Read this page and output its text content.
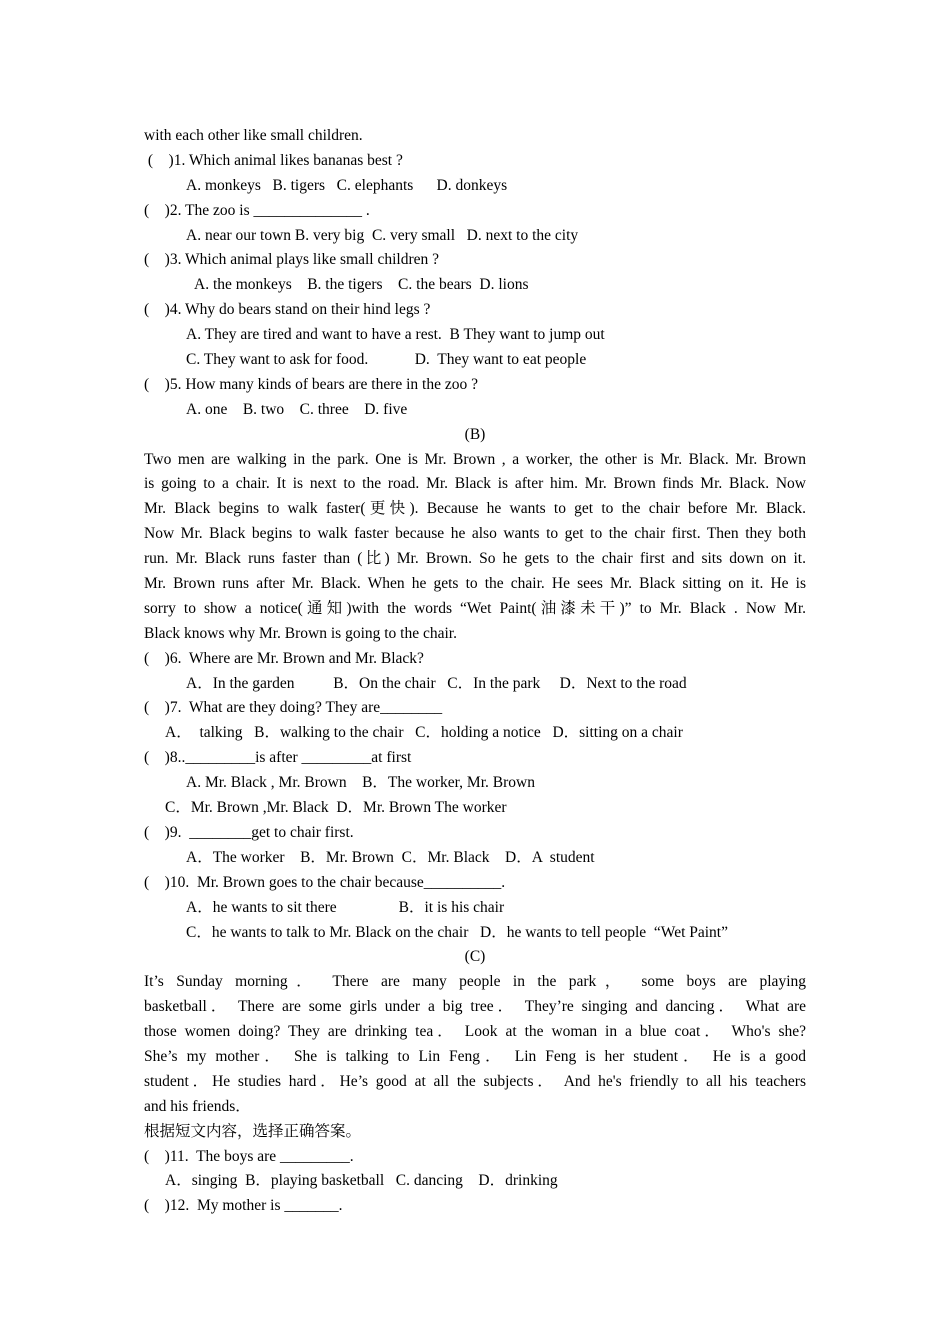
with each other like small children.
(    )1. Which animal likes bananas best ?
A. monkeys   B. tigers   C. elephants      D. donkeys
(    )2. The zoo is ______________ .
A. near our town B. very big  C. very small   D. next to the city
(    )3. Which animal plays like small children ?
A. the monkeys    B. the tigers    C. the bears  D. lions
(    )4. Why do bears stand on their hind legs ?
A. They are tired and want to have a rest.  B They want to jump out
C. They want to ask for food.            D.  They want to eat people
(    )5. How many kinds of bears are there in the zoo ?
A. one    B. two    C. three    D. five
(B)
Two men are walking in the park. One is Mr. Brown , a worker, the other is Mr. Black. Mr. Brown
is going to a chair. It is next to the road. Mr. Black is after him. Mr. Brown finds Mr. Black. Now
Mr. Black begins to walk faster(更快). Because he wants to get to the chair before Mr. Black.
Now Mr. Black begins to walk faster because he also wants to get to the chair first. Then they both
run. Mr. Black runs faster than (比) Mr. Brown. So he gets to the chair first and sits down on it.
Mr. Brown runs after Mr. Black. When he gets to the chair. He sees Mr. Black sitting on it. He is
sorry to show a notice(通知)with the words “Wet Paint(油漆未干)” to Mr. Black . Now Mr.
Black knows why Mr. Brown is going to the chair.
(    )6.  Where are Mr. Brown and Mr. Black?
A．In the garden          B．On the chair   C．In the park     D．Next to the road
(    )7.  What are they doing? They are________
A．  talking   B．walking to the chair   C．holding a notice   D．sitting on a chair
(    )8.._________is after _________at first
A. Mr. Black , Mr. Brown    B．The worker, Mr. Brown
C．Mr. Brown ,Mr. Black  D．Mr. Brown The worker
(    )9.  ________get to chair first.
A．The worker    B．Mr. Brown  C．Mr. Black    D．A  student
(    )10.  Mr. Brown goes to the chair because__________.
A．he wants to sit there                B．it is his chair
C．he wants to talk to Mr. Black on the chair   D．he wants to tell people  “Wet Paint”
(C)
It’s Sunday morning． There are many people in the park， some boys are playing
basketball． There are some girls under a big tree． They’re singing and dancing． What are
those women doing? They are drinking tea． Look at the woman in a blue coat． Who's she?
She’s my mother． She is talking to Lin Feng． Lin Feng is her student． He is a good
student．He studies hard．He’s good at all the subjects． And he's friendly to all his teachers
and his friends．
根据短文内容，选择正确答案。
(    )11.  The boys are _________.
A．singing  B．playing basketball   C. dancing    D．drinking
(    )12.  My mother is _______.
